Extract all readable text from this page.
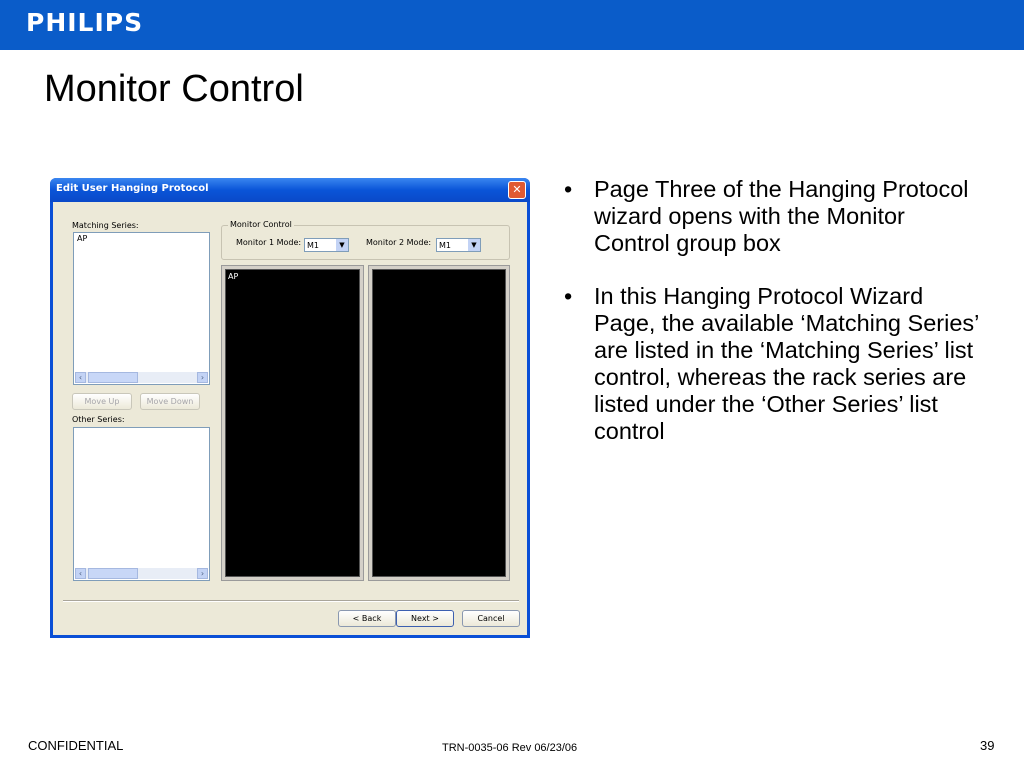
PHILIPS
Monitor Control
Edit User Hanging Protocol	✕
Matching Series:
AP
‹	›
Move Up	Move Down
Other Series:
‹	›
Monitor Control
Monitor 1 Mode: M1	▼	Monitor 2 Mode: M1	▼
AP
< Back	Next >	Cancel
• Page Three of the Hanging Protocol wizard opens with the Monitor Control group box
• In this Hanging Protocol Wizard Page, the available ‘Matching Series’ are listed in the ‘Matching Series’ list control, whereas the rack series are listed under the ‘Other Series’ list control
CONFIDENTIAL	TRN-0035-06 Rev 06/23/06	39
